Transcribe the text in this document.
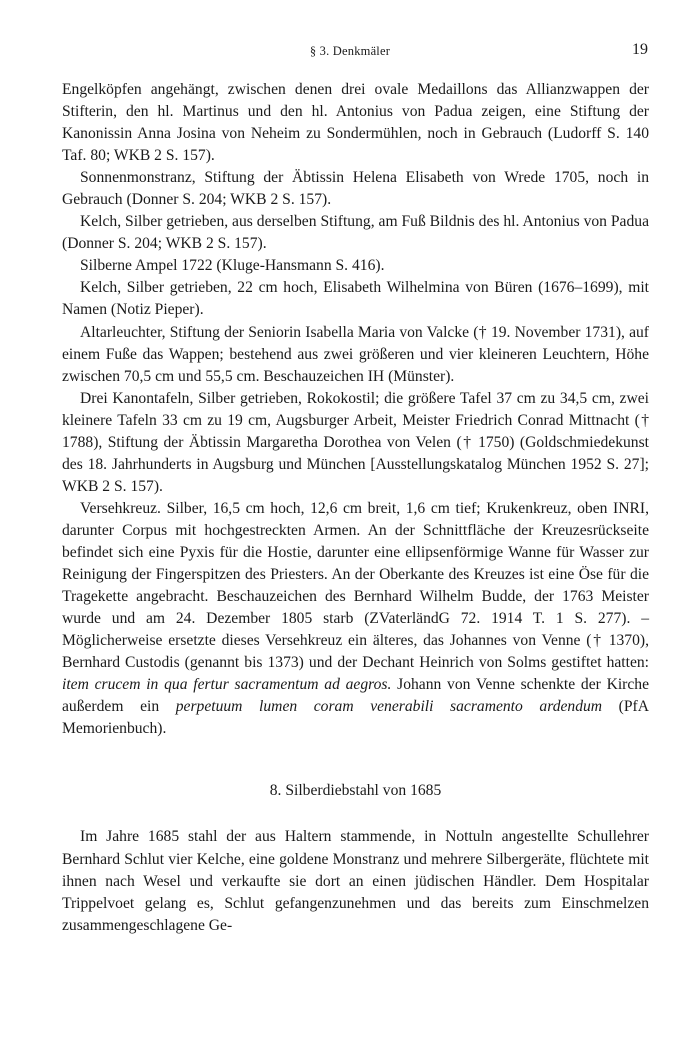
§ 3. Denkmäler	19

Engelköpfen angehängt, zwischen denen drei ovale Medaillons das Allianzwappen der Stifterin, den hl. Martinus und den hl. Antonius von Padua zeigen, eine Stiftung der Kanonissin Anna Josina von Neheim zu Sondermühlen, noch in Gebrauch (Ludorff S. 140 Taf. 80; WKB 2 S. 157).

Sonnenmonstranz, Stiftung der Äbtissin Helena Elisabeth von Wrede 1705, noch in Gebrauch (Donner S. 204; WKB 2 S. 157).

Kelch, Silber getrieben, aus derselben Stiftung, am Fuß Bildnis des hl. Antonius von Padua (Donner S. 204; WKB 2 S. 157).

Silberne Ampel 1722 (Kluge-Hansmann S. 416).

Kelch, Silber getrieben, 22 cm hoch, Elisabeth Wilhelmina von Büren (1676–1699), mit Namen (Notiz Pieper).

Altarleuchter, Stiftung der Seniorin Isabella Maria von Valcke († 19. November 1731), auf einem Fuße das Wappen; bestehend aus zwei größeren und vier kleineren Leuchtern, Höhe zwischen 70,5 cm und 55,5 cm. Beschauzeichen IH (Münster).

Drei Kanontafeln, Silber getrieben, Rokokostil; die größere Tafel 37 cm zu 34,5 cm, zwei kleinere Tafeln 33 cm zu 19 cm, Augsburger Arbeit, Meister Friedrich Conrad Mittnacht († 1788), Stiftung der Äbtissin Margaretha Dorothea von Velen († 1750) (Goldschmiedekunst des 18. Jahrhunderts in Augsburg und München [Ausstellungskatalog München 1952 S. 27]; WKB 2 S. 157).

Versehkreuz. Silber, 16,5 cm hoch, 12,6 cm breit, 1,6 cm tief; Krukenkreuz, oben INRI, darunter Corpus mit hochgestreckten Armen. An der Schnittfläche der Kreuzesrückseite befindet sich eine Pyxis für die Hostie, darunter eine ellipsenförmige Wanne für Wasser zur Reinigung der Fingerspitzen des Priesters. An der Oberkante des Kreuzes ist eine Öse für die Tragekette angebracht. Beschauzeichen des Bernhard Wilhelm Budde, der 1763 Meister wurde und am 24. Dezember 1805 starb (ZVaterländG 72. 1914 T. 1 S. 277). – Möglicherweise ersetzte dieses Versehkreuz ein älteres, das Johannes von Venne († 1370), Bernhard Custodis (genannt bis 1373) und der Dechant Heinrich von Solms gestiftet hatten: item crucem in qua fertur sacramentum ad aegros. Johann von Venne schenkte der Kirche außerdem ein perpetuum lumen coram venerabili sacramento ardendum (PfA Memorienbuch).

8. Silberdiebstahl von 1685

Im Jahre 1685 stahl der aus Haltern stammende, in Nottuln angestellte Schullehrer Bernhard Schlut vier Kelche, eine goldene Monstranz und mehrere Silbergeräte, flüchtete mit ihnen nach Wesel und verkaufte sie dort an einen jüdischen Händler. Dem Hospitalar Trippelvoet gelang es, Schlut gefangenzunehmen und das bereits zum Einschmelzen zusammengeschlagene Ge-
